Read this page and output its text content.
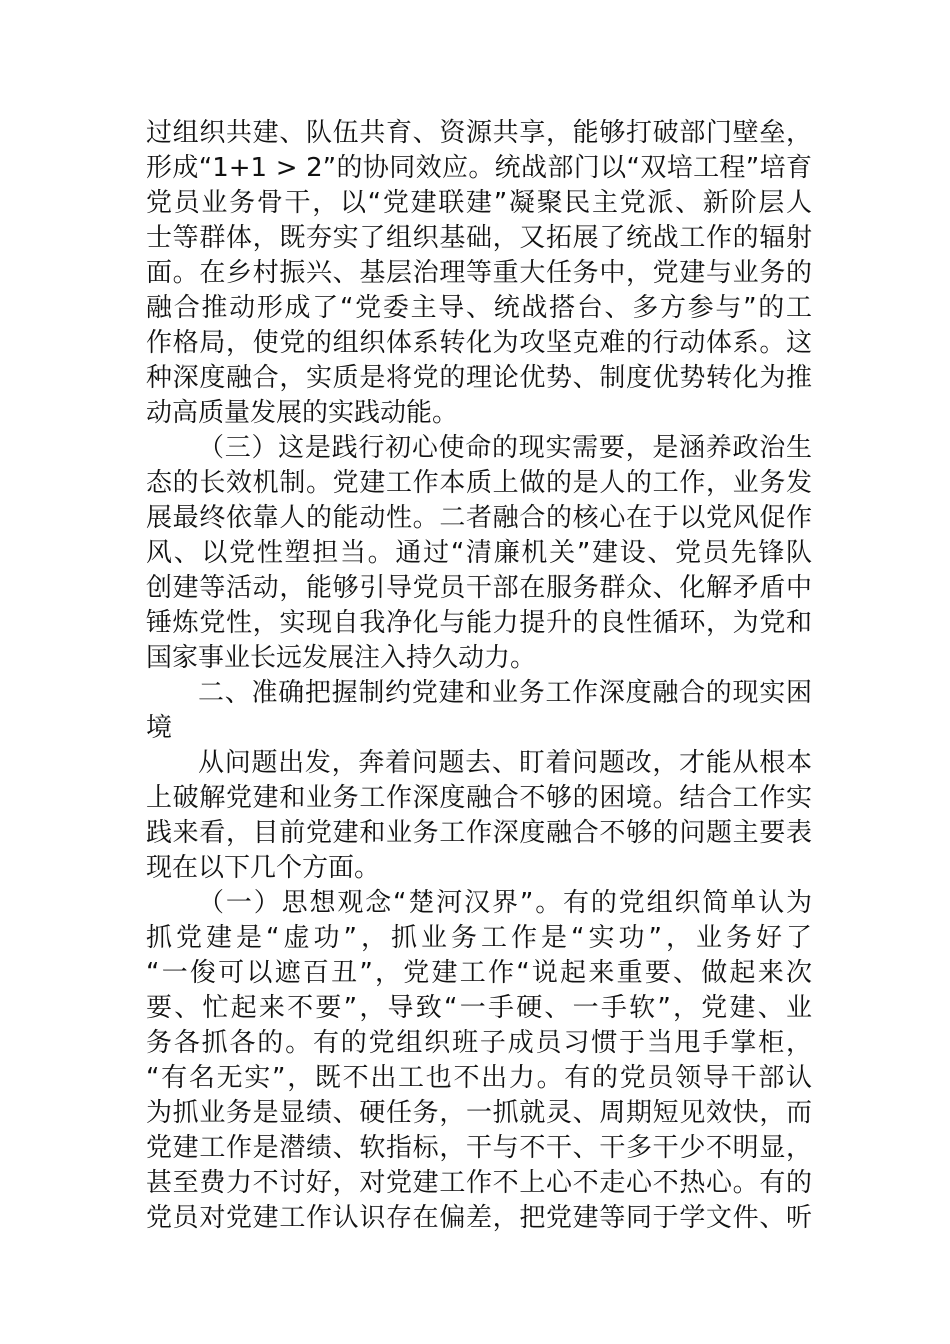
过组织共建、队伍共育、资源共享，能够打破部门壁垒，
形成“1+1 > 2”的协同效应。统战部门以“双培工程”培育
党员业务骨干，以“党建联建”凝聚民主党派、新阶层人
士等群体，既夯实了组织基础，又拓展了统战工作的辐射
面。在乡村振兴、基层治理等重大任务中，党建与业务的
融合推动形成了“党委主导、统战搭台、多方参与”的工
作格局，使党的组织体系转化为攻坚克难的行动体系。这
种深度融合，实质是将党的理论优势、制度优势转化为推
动高质量发展的实践动能。
（三）这是践行初心使命的现实需要，是涵养政治生
态的长效机制。党建工作本质上做的是人的工作，业务发
展最终依靠人的能动性。二者融合的核心在于以党风促作
风、以党性塑担当。通过“清廉机关”建设、党员先锋队
创建等活动，能够引导党员干部在服务群众、化解矛盾中
锤炼党性，实现自我净化与能力提升的良性循环，为党和
国家事业长远发展注入持久动力。
二、准确把握制约党建和业务工作深度融合的现实困
境
从问题出发，奔着问题去、盯着问题改，才能从根本
上破解党建和业务工作深度融合不够的困境。结合工作实
践来看，目前党建和业务工作深度融合不够的问题主要表
现在以下几个方面。
（一）思想观念“楚河汉界”。有的党组织简单认为
抓党建是“虚功”，抓业务工作是“实功”，业务好了
“一俊可以遮百丑”，党建工作“说起来重要、做起来次
要、忙起来不要”，导致“一手硬、一手软”，党建、业
务各抓各的。有的党组织班子成员习惯于当甩手掌柜，
“有名无实”，既不出工也不出力。有的党员领导干部认
为抓业务是显绩、硬任务，一抓就灵、周期短见效快，而
党建工作是潜绩、软指标，干与不干、干多干少不明显，
甚至费力不讨好，对党建工作不上心不走心不热心。有的
党员对党建工作认识存在偏差，把党建等同于学文件、听
